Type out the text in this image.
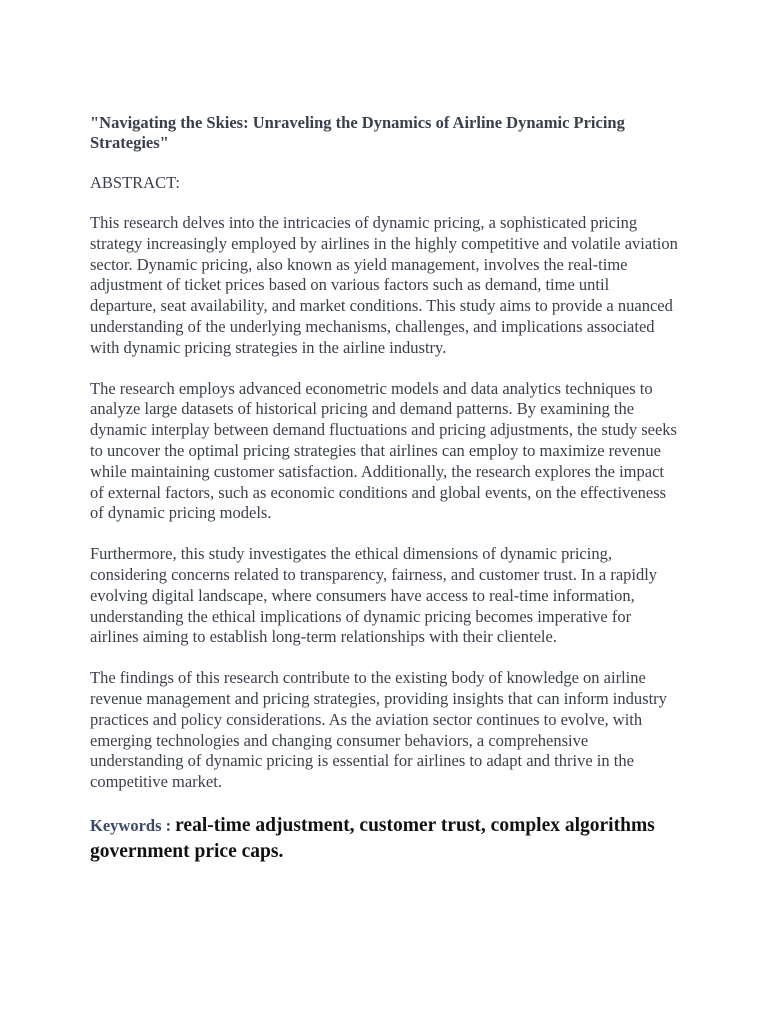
"Navigating the Skies: Unraveling the Dynamics of Airline Dynamic Pricing Strategies"
ABSTRACT:

This research delves into the intricacies of dynamic pricing, a sophisticated pricing strategy increasingly employed by airlines in the highly competitive and volatile aviation sector. Dynamic pricing, also known as yield management, involves the real-time adjustment of ticket prices based on various factors such as demand, time until departure, seat availability, and market conditions. This study aims to provide a nuanced understanding of the underlying mechanisms, challenges, and implications associated with dynamic pricing strategies in the airline industry.

The research employs advanced econometric models and data analytics techniques to analyze large datasets of historical pricing and demand patterns. By examining the dynamic interplay between demand fluctuations and pricing adjustments, the study seeks to uncover the optimal pricing strategies that airlines can employ to maximize revenue while maintaining customer satisfaction. Additionally, the research explores the impact of external factors, such as economic conditions and global events, on the effectiveness of dynamic pricing models.

Furthermore, this study investigates the ethical dimensions of dynamic pricing, considering concerns related to transparency, fairness, and customer trust. In a rapidly evolving digital landscape, where consumers have access to real-time information, understanding the ethical implications of dynamic pricing becomes imperative for airlines aiming to establish long-term relationships with their clientele.

The findings of this research contribute to the existing body of knowledge on airline revenue management and pricing strategies, providing insights that can inform industry practices and policy considerations. As the aviation sector continues to evolve, with emerging technologies and changing consumer behaviors, a comprehensive understanding of dynamic pricing is essential for airlines to adapt and thrive in the competitive market.

Keywords : real-time adjustment, customer trust, complex algorithms government price caps.
